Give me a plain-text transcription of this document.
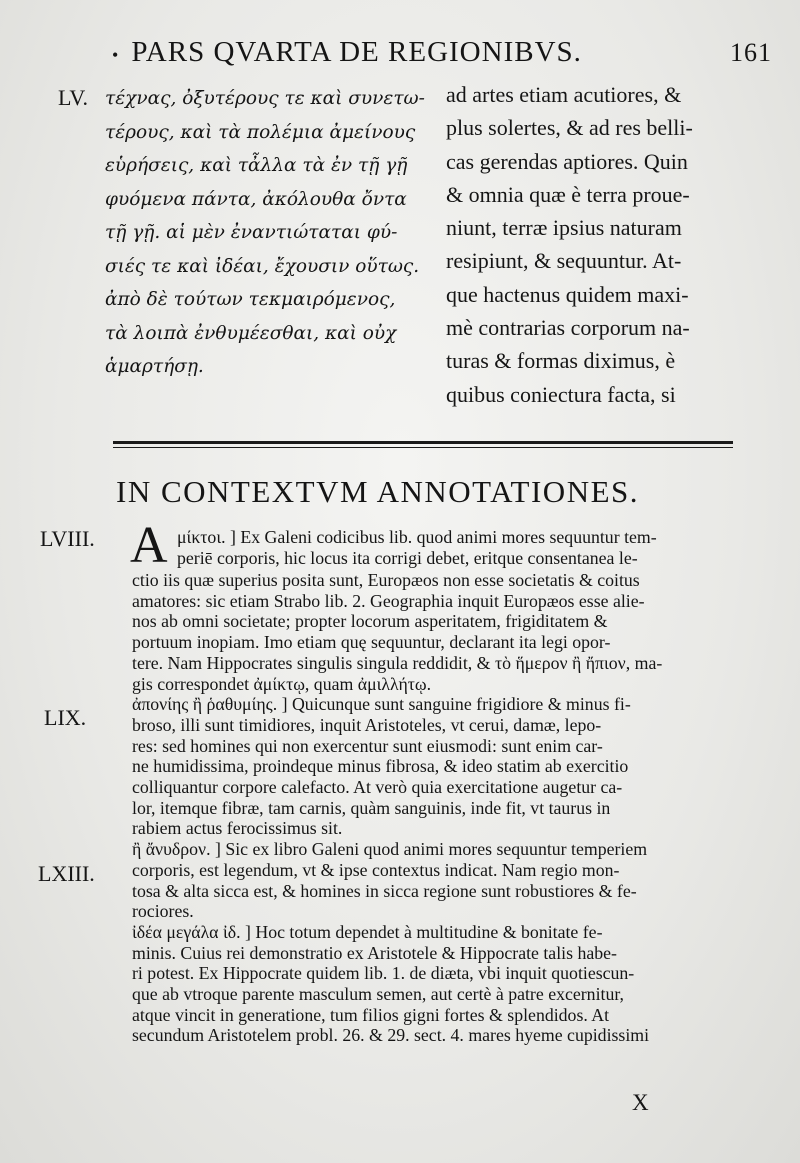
• PARS QVARTA DE REGIONIBVS.	161
LV. τέχνας, ὀξυτέρους τε καὶ συνετω-
τέρους, καὶ τὰ πολέμια ἀμείνους
εὑρήσεις, καὶ τἆλλα τὰ ἐν τῇ γῇ
φυόμενα πάντα, ἀκόλουθα ὄντα
τῇ γῇ. αἱ μὲν ἐναντιώταται φύ-
σιές τε καὶ ἰδέαι, ἔχουσιν οὕτως.
ἀπὸ δὲ τούτων τεκμαιρόμενος,
τὰ λοιπὰ ἐνθυμέεσθαι, καὶ οὐχ
ἁμαρτήσῃ.
ad artes etiam acutiores, &
plus solertes, & ad res belli-
cas gerendas aptiores. Quin
& omnia quæ è terra proue-
niunt, terræ ipsius naturam
resipiunt, & sequuntur. At-
que hactenus quidem maxi-
mè contrarias corporum na-
turas & formas diximus, è
quibus coniectura facta, si
IN CONTEXTVM ANNOTATIONES.
LVIII.
LIX.
LXIII.
A μίκτοι. ] Ex Galeni codicibus lib. quod animi mores sequuntur tem-
periē corporis, hic locus ita corrigi debet, eritque consentanea le-
ctio iis quæ superius posita sunt, Europæos non esse societatis & coitus
amatores: sic etiam Strabo lib. 2. Geographia inquit Europæos esse alie-
nos ab omni societate; propter locorum asperitatem, frigiditatem &
portuum inopiam. Imo etiam quę sequuntur, declarant ita legi opor-
tere. Nam Hippocrates singulis singula reddidit, & τὸ ἥμερον ἢ ἤπιον, ma-
gis correspondet ἀμίκτῳ, quam ἀμιλλήτῳ.
ἀπονίης ἢ ῥαθυμίης. ] Quicunque sunt sanguine frigidiore & minus fi-
broso, illi sunt timidiores, inquit Aristoteles, vt cerui, damæ, lepo-
res: sed homines qui non exercentur sunt eiusmodi: sunt enim car-
ne humidissima, proindeque minus fibrosa, & ideo statim ab exercitio
colliquantur corpore calefacto. At verò quia exercitatione augetur ca-
lor, itemque fibræ, tam carnis, quàm sanguinis, inde fit, vt taurus in
rabiem actus ferocissimus sit.
ἢ ἄνυδρον. ] Sic ex libro Galeni quod animi mores sequuntur temperiem
corporis, est legendum, vt & ipse contextus indicat. Nam regio mon-
tosa & alta sicca est, & homines in sicca regione sunt robustiores & fe-
rociores.
ἰδέα μεγάλα ἰδ. ] Hoc totum dependet à multitudine & bonitate fe-
minis. Cuius rei demonstratio ex Aristotele & Hippocrate talis habe-
ri potest. Ex Hippocrate quidem lib. 1. de diæta, vbi inquit quotiescun-
que ab vtroque parente masculum semen, aut certè à patre excernitur,
atque vincit in generatione, tum filios gigni fortes & splendidos. At
secundum Aristotelem probl. 26. & 29. sect. 4. mares hyeme cupidissimi
X
